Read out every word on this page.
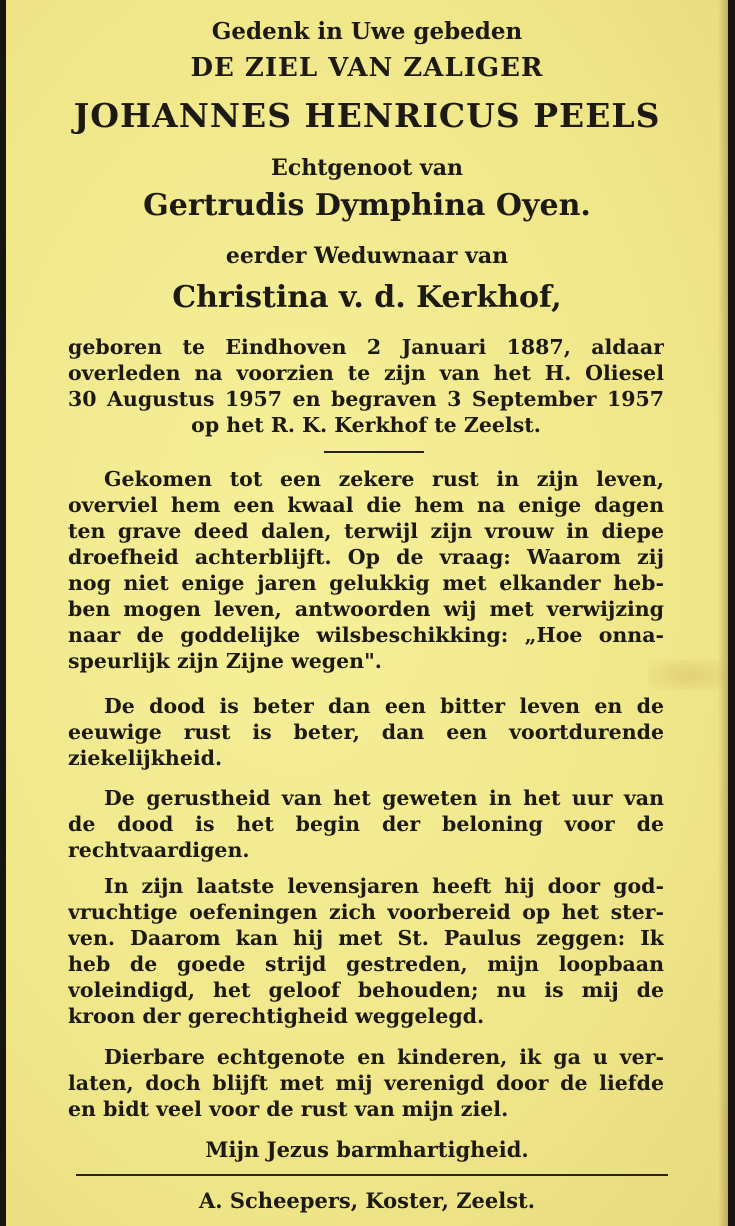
Gedenk in Uwe gebeden
DE ZIEL VAN ZALIGER
JOHANNES HENRICUS PEELS
Echtgenoot van
Gertrudis Dymphina Oyen.
eerder Weduwnaar van
Christina v. d. Kerkhof,
geboren te Eindhoven 2 Januari 1887, aldaar
overleden na voorzien te zijn van het H. Oliesel
30 Augustus 1957 en begraven 3 September 1957
op het R. K. Kerkhof te Zeelst.
Gekomen tot een zekere rust in zijn leven,
overviel hem een kwaal die hem na enige dagen
ten grave deed dalen, terwijl zijn vrouw in diepe
droefheid achterblijft. Op de vraag: Waarom zij
nog niet enige jaren gelukkig met elkander heb-
ben mogen leven, antwoorden wij met verwijzing
naar de goddelijke wilsbeschikking: „Hoe onna-
speurlijk zijn Zijne wegen".
De dood is beter dan een bitter leven en de
eeuwige rust is beter, dan een voortdurende
ziekelijkheid.
De gerustheid van het geweten in het uur van
de dood is het begin der beloning voor de
rechtvaardigen.
In zijn laatste levensjaren heeft hij door god-
vruchtige oefeningen zich voorbereid op het ster-
ven. Daarom kan hij met St. Paulus zeggen: Ik
heb de goede strijd gestreden, mijn loopbaan
voleindigd, het geloof behouden; nu is mij de
kroon der gerechtigheid weggelegd.
Dierbare echtgenote en kinderen, ik ga u ver-
laten, doch blijft met mij verenigd door de liefde
en bidt veel voor de rust van mijn ziel.
Mijn Jezus barmhartigheid.
A. Scheepers, Koster, Zeelst.
